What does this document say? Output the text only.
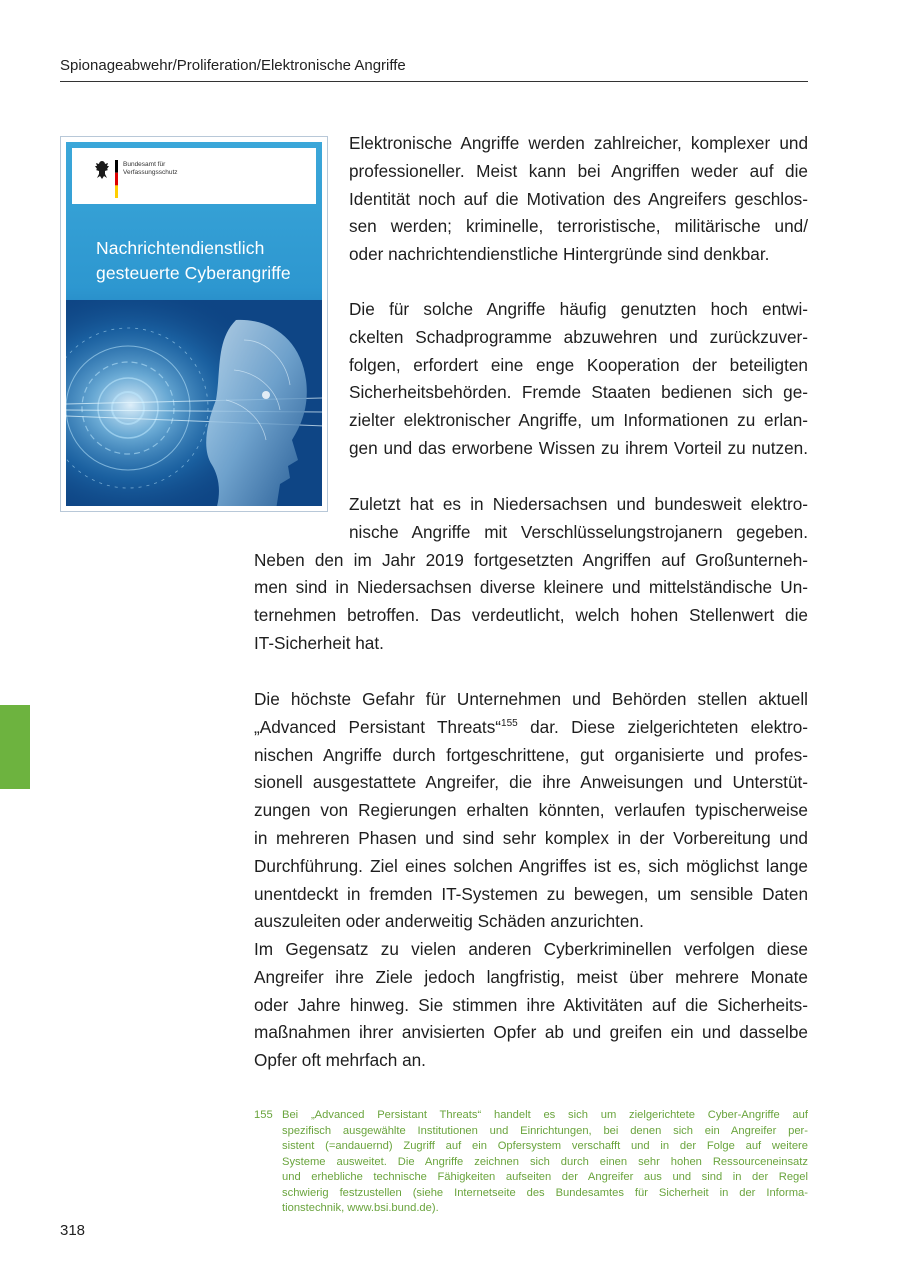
Spionageabwehr/Proliferation/Elektronische Angriffe
Bundesamt für
Verfassungsschutz
Nachrichtendienstlich
gesteuerte Cyberangriffe

Elektronische Angriffe werden zahlreicher, komplexer und
professioneller. Meist kann bei Angriffen weder auf die
Identität noch auf die Motivation des Angreifers geschlos-
sen werden; kriminelle, terroristische, militärische und/
oder nachrichtendienstliche Hintergründe sind denkbar.

Die für solche Angriffe häufig genutzten hoch entwi-
ckelten Schadprogramme abzuwehren und zurückzuver-
folgen, erfordert eine enge Kooperation der beteiligten
Sicherheitsbehörden. Fremde Staaten bedienen sich ge-
zielter elektronischer Angriffe, um Informationen zu erlan-
gen und das erworbene Wissen zu ihrem Vorteil zu nutzen.

Zuletzt hat es in Niedersachsen und bundesweit elektro-
nische Angriffe mit Verschlüsselungstrojanern gegeben.
Neben den im Jahr 2019 fortgesetzten Angriffen auf Großunterneh-
men sind in Niedersachsen diverse kleinere und mittelständische Un-
ternehmen betroffen. Das verdeutlicht, welch hohen Stellenwert die
IT-Sicherheit hat.

Die höchste Gefahr für Unternehmen und Behörden stellen aktuell
„Advanced Persistant Threats“$^{155}$ dar. Diese zielgerichteten elektro-
nischen Angriffe durch fortgeschrittene, gut organisierte und profes-
sionell ausgestattete Angreifer, die ihre Anweisungen und Unterstüt-
zungen von Regierungen erhalten könnten, verlaufen typischerweise
in mehreren Phasen und sind sehr komplex in der Vorbereitung und
Durchführung. Ziel eines solchen Angriffes ist es, sich möglichst lange
unentdeckt in fremden IT-Systemen zu bewegen, um sensible Daten
auszuleiten oder anderweitig Schäden anzurichten.

Im Gegensatz zu vielen anderen Cyberkriminellen verfolgen diese
Angreifer ihre Ziele jedoch langfristig, meist über mehrere Monate
oder Jahre hinweg. Sie stimmen ihre Aktivitäten auf die Sicherheits-
maßnahmen ihrer anvisierten Opfer ab und greifen ein und dasselbe
Opfer oft mehrfach an.

155 Bei „Advanced Persistant Threats“ handelt es sich um zielgerichtete Cyber-Angriffe auf
spezifisch ausgewählte Institutionen und Einrichtungen, bei denen sich ein Angreifer per-
sistent (=andauernd) Zugriff auf ein Opfersystem verschafft und in der Folge auf weitere
Systeme ausweitet. Die Angriffe zeichnen sich durch einen sehr hohen Ressourceneinsatz
und erhebliche technische Fähigkeiten aufseiten der Angreifer aus und sind in der Regel
schwierig festzustellen (siehe Internetseite des Bundesamtes für Sicherheit in der Informa-
tionstechnik, www.bsi.bund.de).
318
